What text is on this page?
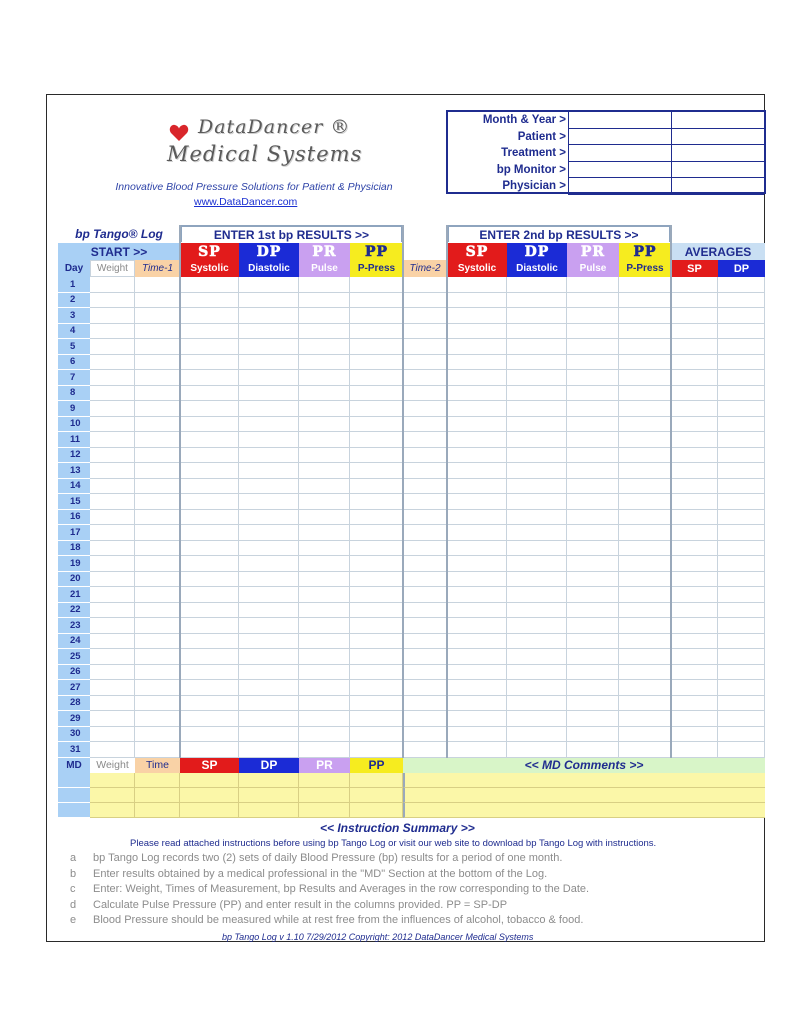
DataDancer ®
Medical Systems
Innovative Blood Pressure Solutions for Patient & Physician
www.DataDancer.com
Month & Year >
Patient >
Treatment >
bp Monitor >
Physician >
bp Tango® Log	ENTER 1st bp RESULTS >>	ENTER 2nd bp RESULTS >>
START >>	SP	DP	PR	PP	SP	DP	PR	PP	AVERAGES
Day	Weight	Time-1	Systolic	Diastolic	Pulse	P-Press	Time-2	Systolic	Diastolic	Pulse	P-Press	SP	DP
1
2
3
4
5
6
7
8
9
10
11
12
13
14
15
16
17
18
19
20
21
22
23
24
25
26
27
28
29
30
31
MD	Weight	Time	SP	DP	PR	PP	<< MD Comments >>
<< Instruction Summary >>
Please read attached instructions before using bp Tango Log or visit our web site to download bp Tango Log with instructions.
a bp Tango Log records two (2) sets of daily Blood Pressure (bp) results for a period of one month.
b Enter results obtained by a medical professional in the "MD" Section at the bottom of the Log.
c Enter: Weight, Times of Measurement, bp Results and Averages in the row corresponding to the Date.
d Calculate Pulse Pressure (PP) and enter result in the columns provided. PP = SP-DP
e Blood Pressure should be measured while at rest free from the influences of alcohol, tobacco & food.
bp Tango Log v 1.10 7/29/2012 Copyright: 2012 DataDancer Medical Systems
